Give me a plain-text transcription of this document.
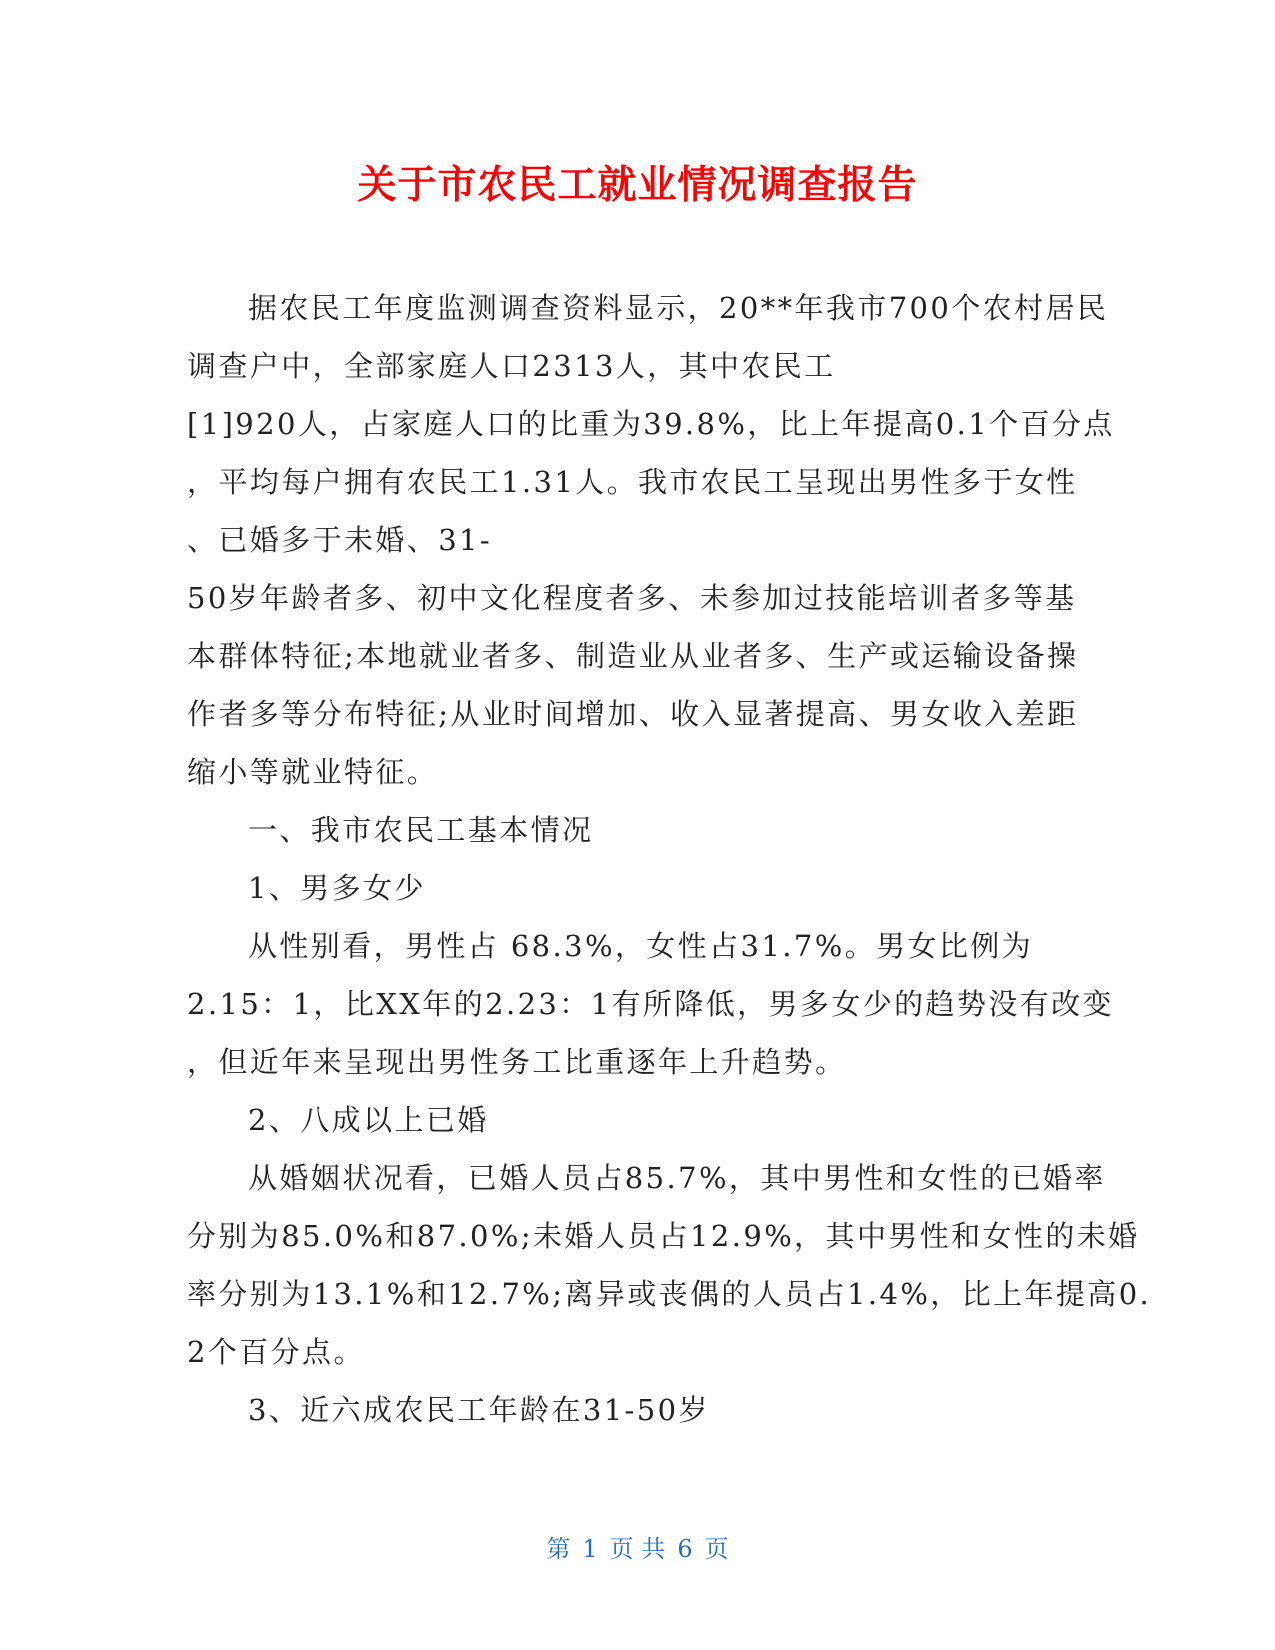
关于市农民工就业情况调查报告
据农民工年度监测调查资料显示，20**年我市700个农村居民
调查户中，全部家庭人口2313人，其中农民工
[1]920人，占家庭人口的比重为39.8%，比上年提高0.1个百分点
，平均每户拥有农民工1.31人。我市农民工呈现出男性多于女性
、已婚多于未婚、31-
50岁年龄者多、初中文化程度者多、未参加过技能培训者多等基
本群体特征;本地就业者多、制造业从业者多、生产或运输设备操
作者多等分布特征;从业时间增加、收入显著提高、男女收入差距
缩小等就业特征。
一、我市农民工基本情况
1、男多女少
从性别看，男性占 68.3%，女性占31.7%。男女比例为
2.15：1，比XX年的2.23：1有所降低，男多女少的趋势没有改变
，但近年来呈现出男性务工比重逐年上升趋势。
2、八成以上已婚
从婚姻状况看，已婚人员占85.7%，其中男性和女性的已婚率
分别为85.0%和87.0%;未婚人员占12.9%，其中男性和女性的未婚
率分别为13.1%和12.7%;离异或丧偶的人员占1.4%，比上年提高0.
2个百分点。
3、近六成农民工年龄在31-50岁
第 1 页 共 6 页
